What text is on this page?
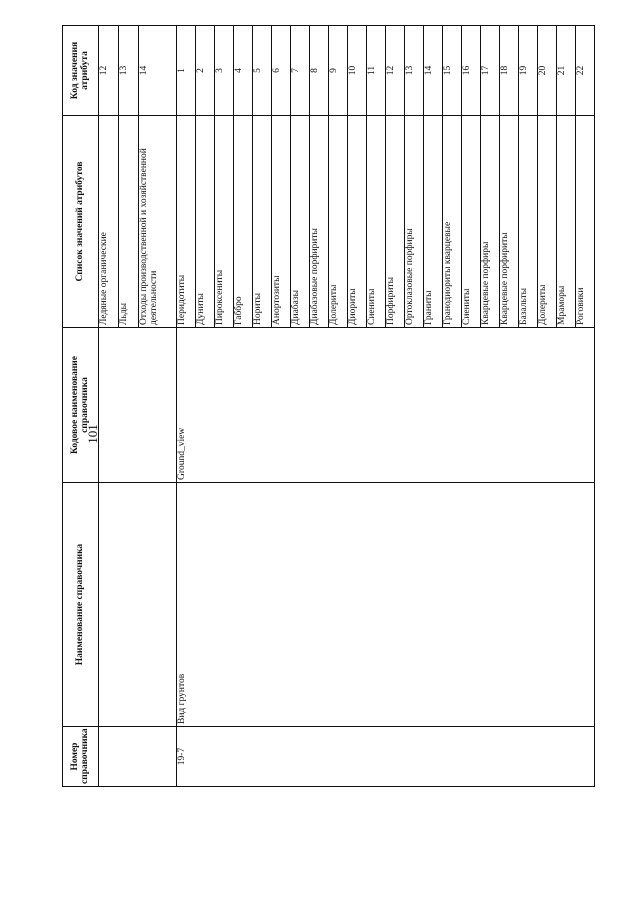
101
Номер справочника	Наименование справочника	Кодовое наименование справочника	Список значений атрибутов	Код значения атрибута
			Ледяные органические	12
			Льды	13
			Отходы производственной и хозяйственной деятельности	14
19-7	Вид грунтов	Ground_view	Перидотиты	1
			Дуниты	2
			Пироксениты	3
			Габбро	4
			Нориты	5
			Анортозиты	6
			Диабазы	7
			Диабазовые порфириты	8
			Долериты	9
			Диориты	10
			Сиениты	11
			Порфириты	12
			Ортоклазовые порфиры	13
			Граниты	14
			Гранодиориты кварцевые	15
			Сиениты	16
			Кварцевые порфиры	17
			Кварцевые порфириты	18
			Базальты	19
			Долериты	20
			Мраморы	21
			Роговики	22
